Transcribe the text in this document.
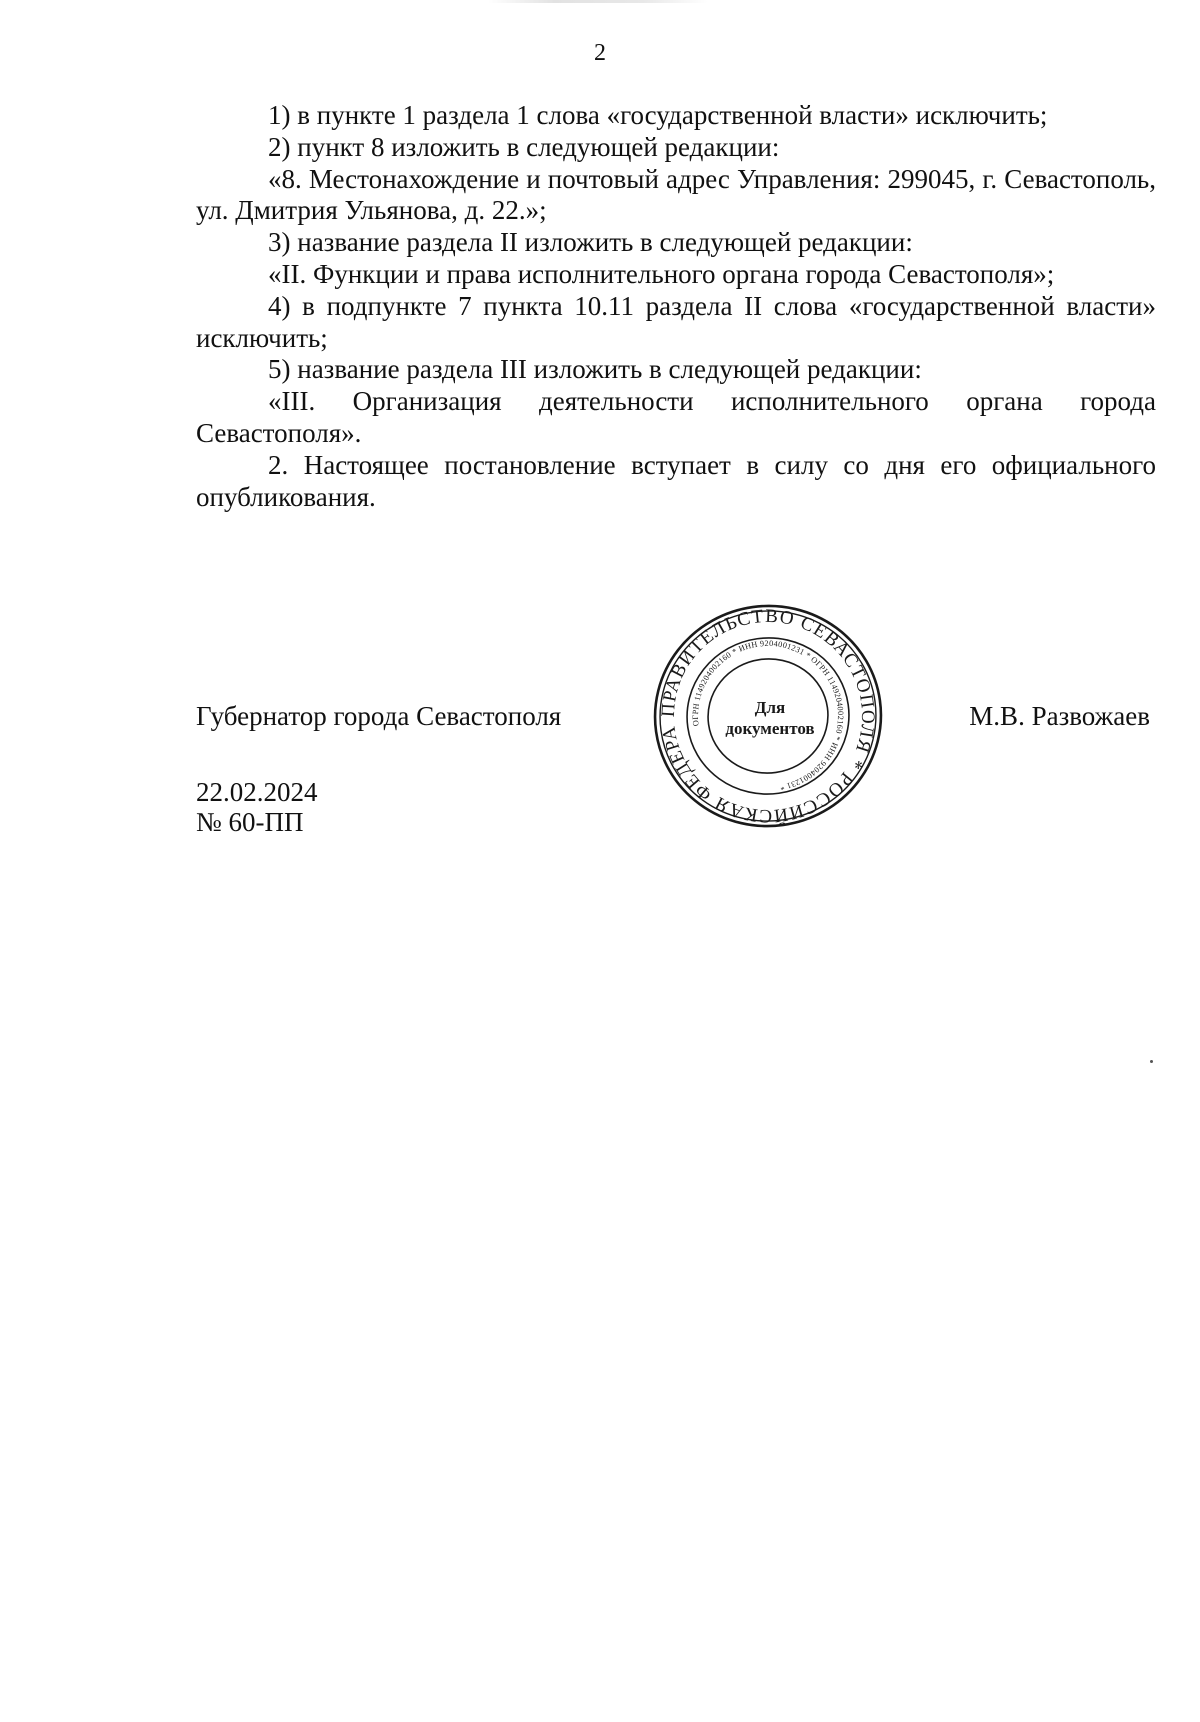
2

1) в пункте 1 раздела 1 слова «государственной власти» исключить;

2) пункт 8 изложить в следующей редакции:

«8. Местонахождение и почтовый адрес Управления: 299045, г. Севастополь, ул. Дмитрия Ульянова, д. 22.»;

3) название раздела II изложить в следующей редакции:

«II. Функции и права исполнительного органа города Севастополя»;

4) в подпункте 7 пункта 10.11 раздела II слова «государственной власти» исключить;

5) название раздела III изложить в следующей редакции:

«III. Организация деятельности исполнительного органа города Севастополя».

2. Настоящее постановление вступает в силу со дня его официального опубликования.

Губернатор города Севастополя	ПРАВИТЕЛЬСТВО СЕВАСТОПОЛЯ * РОССИЙСКАЯ ФЕДЕРАЦИЯ
ОГРН 1149204002160 * ИНН 9204001231 * ОГРН 1149204002160 * ИНН 9204001231 *
Для
документов	М.В. Развожаев
22.02.2024
№ 60-ПП
